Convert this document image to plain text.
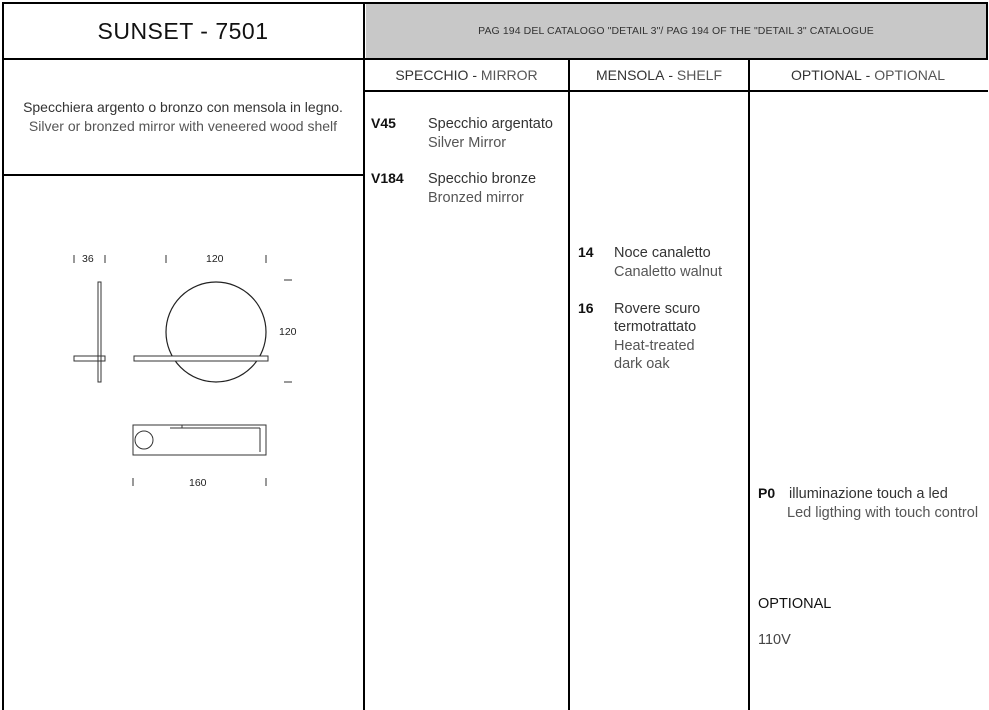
SUNSET - 7501	PAG 194 DEL CATALOGO "DETAIL 3"/ PAG 194 OF THE "DETAIL 3" CATALOGUE
SPECCHIO - MIRROR	MENSOLA - SHELF	OPTIONAL - OPTIONAL
Specchiera argento o bronzo con mensola in legno.
Silver or bronzed mirror with veneered wood shelf
36	120
120
160
V45 Specchio argentato
Silver Mirror
V184 Specchio bronze
Bronzed mirror
14 Noce canaletto
Canaletto walnut
16 Rovere scuro
termotrattato
Heat-treated
dark oak
P0 illuminazione touch a led
Led ligthing with touch control
OPTIONAL
110V
